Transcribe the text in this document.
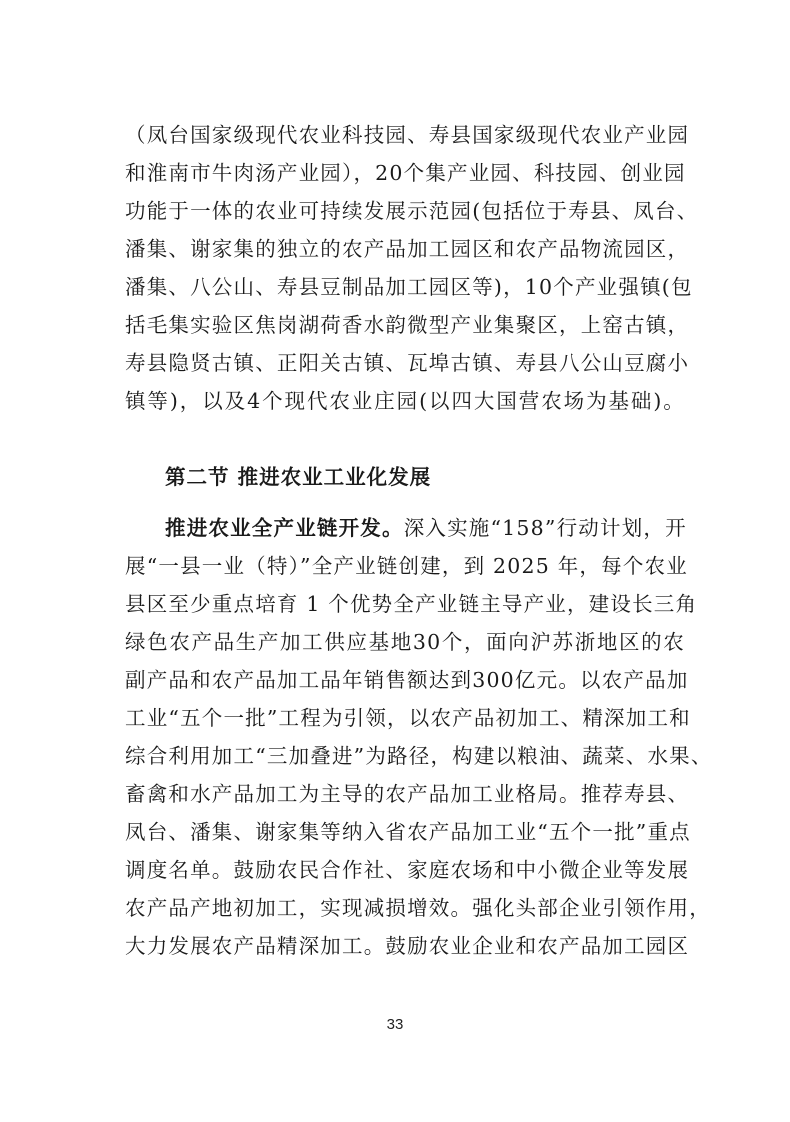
（凤台国家级现代农业科技园、寿县国家级现代农业产业园
和淮南市牛肉汤产业园），20个集产业园、科技园、创业园
功能于一体的农业可持续发展示范园(包括位于寿县、凤台、
潘集、谢家集的独立的农产品加工园区和农产品物流园区，
潘集、八公山、寿县豆制品加工园区等)，10个产业强镇(包
括毛集实验区焦岗湖荷香水韵微型产业集聚区，上窑古镇，
寿县隐贤古镇、正阳关古镇、瓦埠古镇、寿县八公山豆腐小
镇等)，以及4个现代农业庄园(以四大国营农场为基础)。
第二节 推进农业工业化发展
推进农业全产业链开发。深入实施“158”行动计划，开
展“一县一业（特）”全产业链创建，到 2025 年，每个农业
县区至少重点培育 1 个优势全产业链主导产业，建设长三角
绿色农产品生产加工供应基地30个，面向沪苏浙地区的农
副产品和农产品加工品年销售额达到300亿元。以农产品加
工业“五个一批”工程为引领，以农产品初加工、精深加工和
综合利用加工“三加叠进”为路径，构建以粮油、蔬菜、水果、
畜禽和水产品加工为主导的农产品加工业格局。推荐寿县、
凤台、潘集、谢家集等纳入省农产品加工业“五个一批”重点
调度名单。鼓励农民合作社、家庭农场和中小微企业等发展
农产品产地初加工，实现减损增效。强化头部企业引领作用，
大力发展农产品精深加工。鼓励农业企业和农产品加工园区
33
